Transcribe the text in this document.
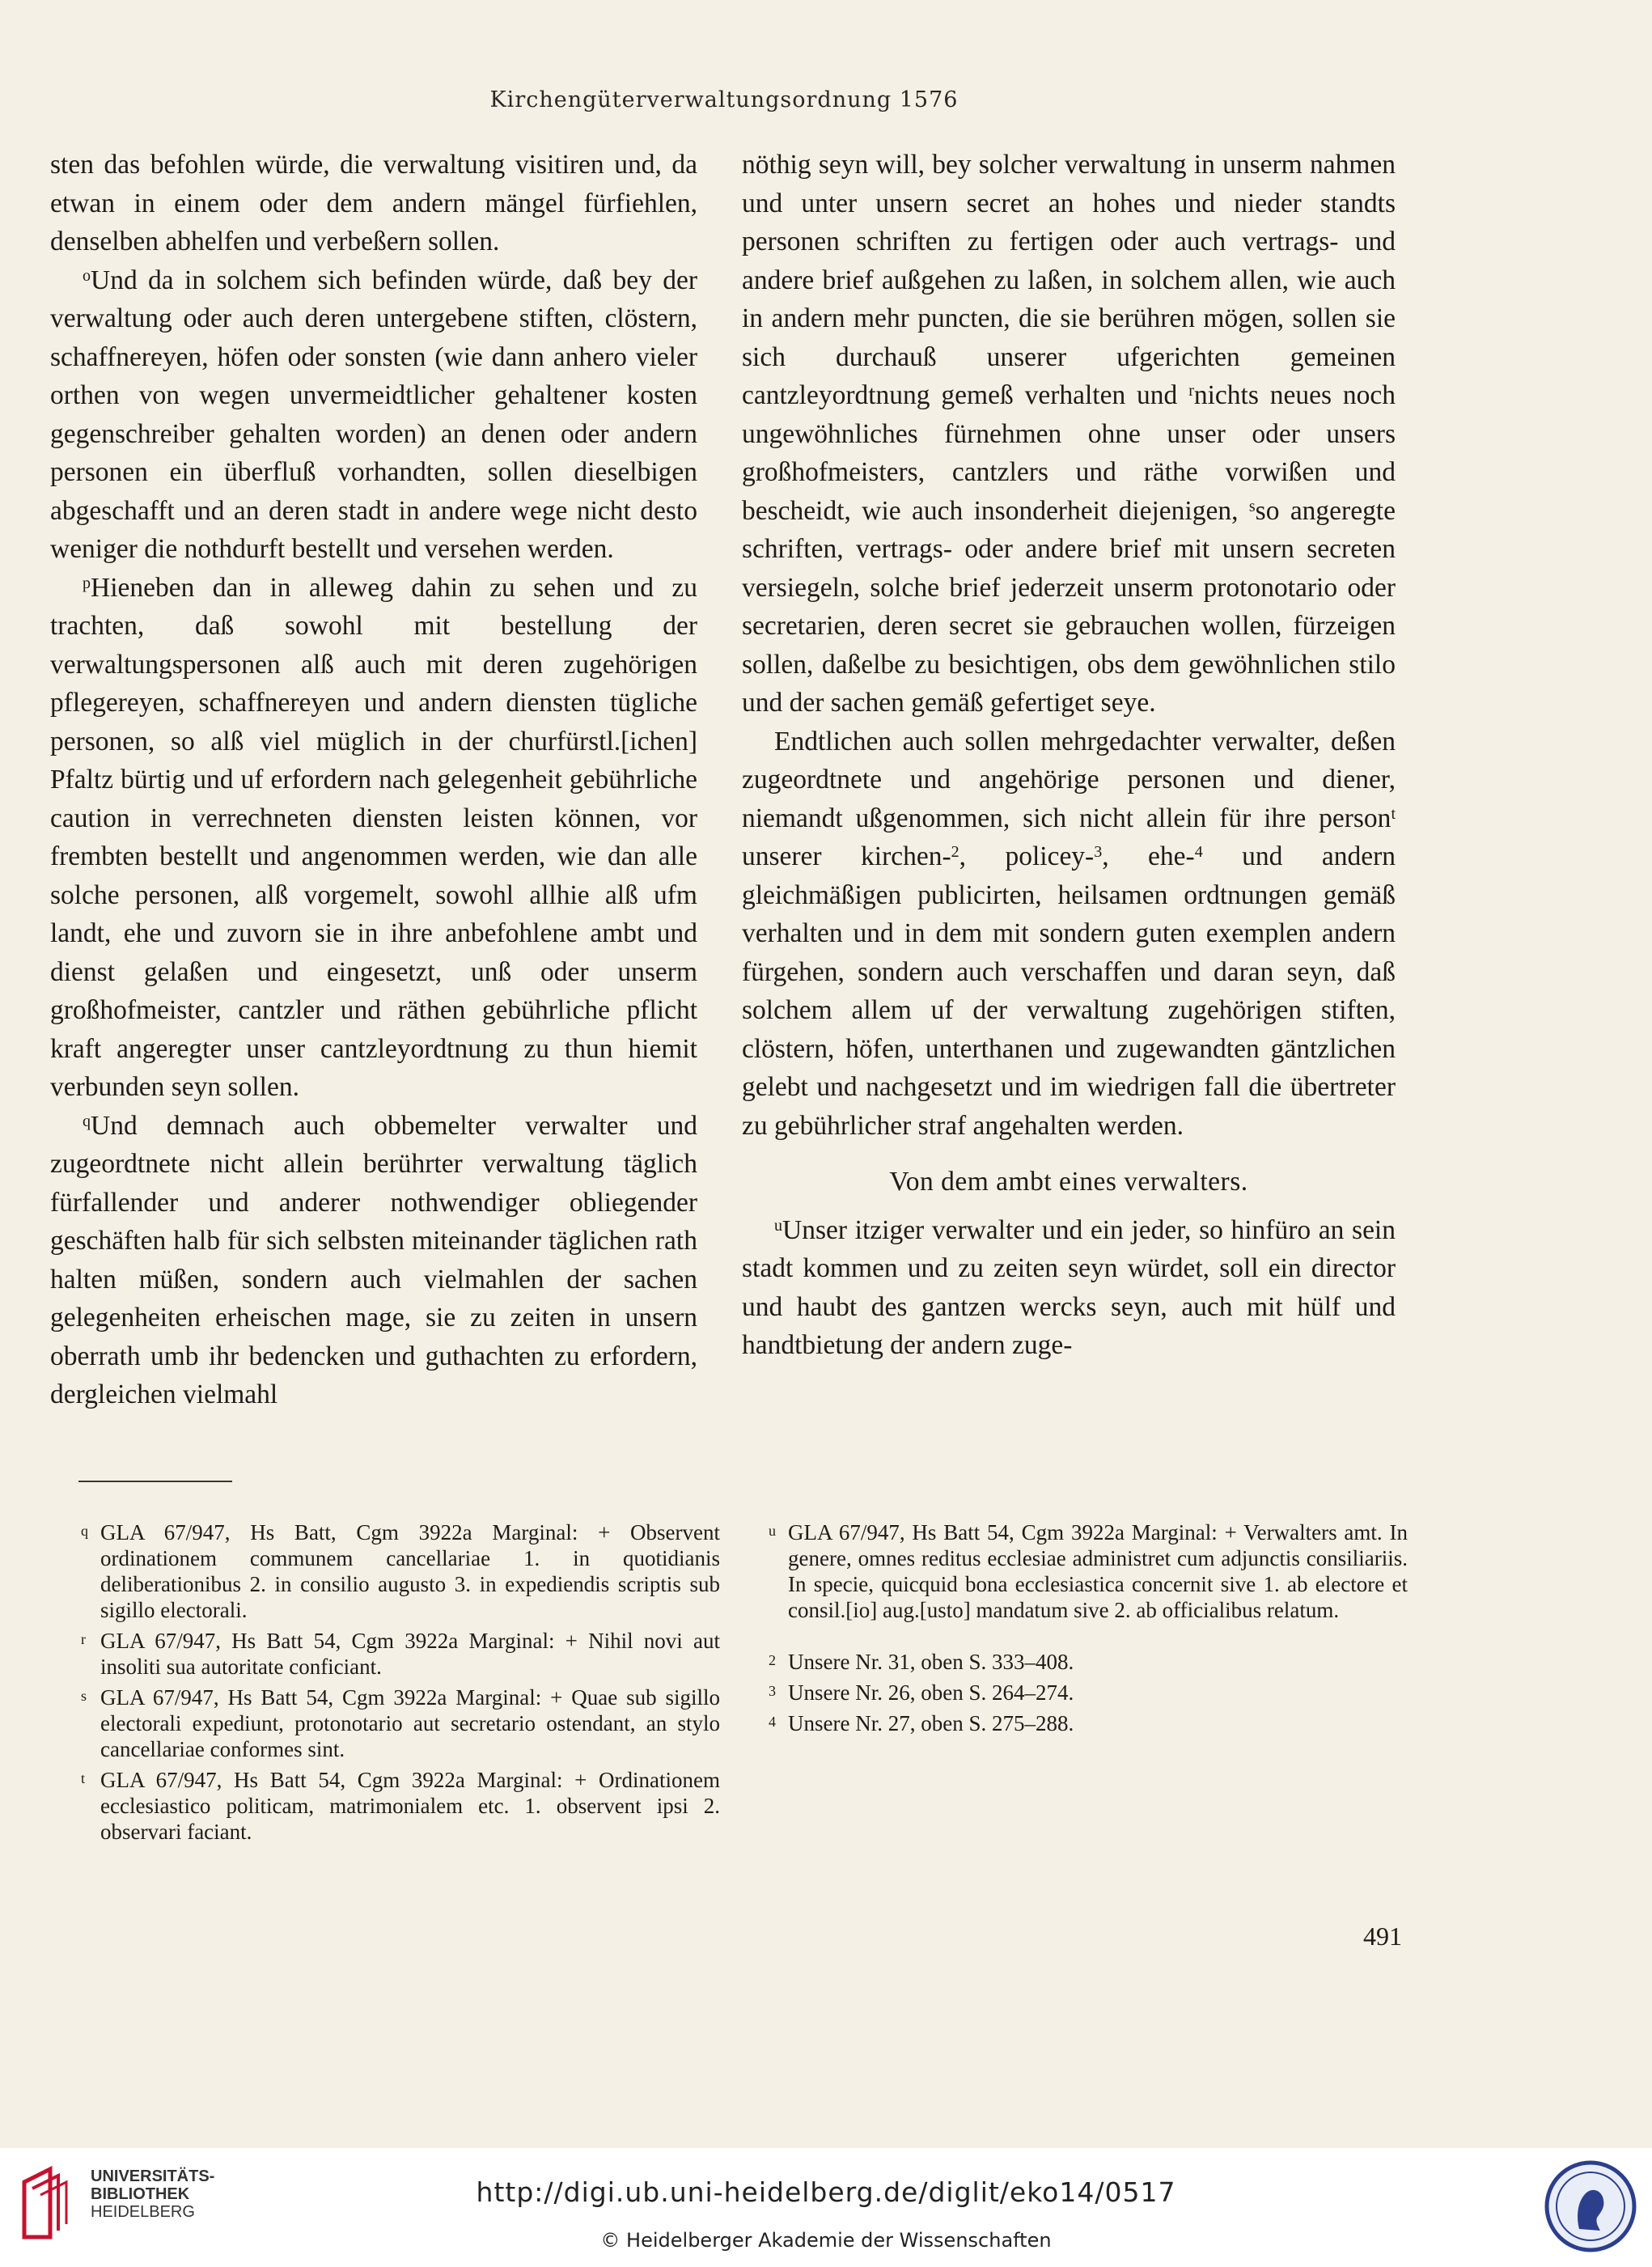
Kirchengüterverwaltungsordnung 1576

sten das befohlen würde, die verwaltung visitiren und, da etwan in einem oder dem andern mängel fürfiehlen, denselben abhelfen und verbeßern sollen.

$^o$Und da in solchem sich befinden würde, daß bey der verwaltung oder auch deren untergebene stiften, clöstern, schaffnereyen, höfen oder sonsten (wie dann anhero vieler orthen von wegen unvermeidtlicher gehaltener kosten gegenschreiber gehalten worden) an denen oder andern personen ein überfluß vorhandten, sollen dieselbigen abgeschafft und an deren stadt in andere wege nicht desto weniger die nothdurft bestellt und versehen werden.

$^p$Hieneben dan in alleweg dahin zu sehen und zu trachten, daß sowohl mit bestellung der verwaltungspersonen alß auch mit deren zugehörigen pflegereyen, schaffnereyen und andern diensten tügliche personen, so alß viel müglich in der churfürstl.[ichen] Pfaltz bürtig und uf erfordern nach gelegenheit gebührliche caution in verrechneten diensten leisten können, vor frembten bestellt und angenommen werden, wie dan alle solche personen, alß vorgemelt, sowohl allhie alß ufm landt, ehe und zuvorn sie in ihre anbefohlene ambt und dienst gelaßen und eingesetzt, unß oder unserm großhofmeister, cantzler und räthen gebührliche pflicht kraft angeregter unser cantzleyordtnung zu thun hiemit verbunden seyn sollen.

$^q$Und demnach auch obbemelter verwalter und zugeordtnete nicht allein berührter verwaltung täglich fürfallender und anderer nothwendiger obliegender geschäften halb für sich selbsten miteinander täglichen rath halten müßen, sondern auch vielmahlen der sachen gelegenheiten erheischen mage, sie zu zeiten in unsern oberrath umb ihr bedencken und guthachten zu erfordern, dergleichen vielmahl

nöthig seyn will, bey solcher verwaltung in unserm nahmen und unter unsern secret an hohes und nieder standts personen schriften zu fertigen oder auch vertrags- und andere brief außgehen zu laßen, in solchem allen, wie auch in andern mehr puncten, die sie berühren mögen, sollen sie sich durchauß unserer ufgerichten gemeinen cantzleyordtnung gemeß verhalten und $^r$nichts neues noch ungewöhnliches fürnehmen ohne unser oder unsers großhofmeisters, cantzlers und räthe vorwißen und bescheidt, wie auch insonderheit diejenigen, $^s$so angeregte schriften, vertrags- oder andere brief mit unsern secreten versiegeln, solche brief jederzeit unserm protonotario oder secretarien, deren secret sie gebrauchen wollen, fürzeigen sollen, daßelbe zu besichtigen, obs dem gewöhnlichen stilo und der sachen gemäß gefertiget seye.

Endtlichen auch sollen mehrgedachter verwalter, deßen zugeordtnete und angehörige personen und diener, niemandt ußgenommen, sich nicht allein für ihre person$^t$ unserer kirchen-$^2$, policey-$^3$, ehe-$^4$ und andern gleichmäßigen publicirten, heilsamen ordtnungen gemäß verhalten und in dem mit sondern guten exemplen andern fürgehen, sondern auch verschaffen und daran seyn, daß solchem allem uf der verwaltung zugehörigen stiften, clöstern, höfen, unterthanen und zugewandten gäntzlichen gelebt und nachgesetzt und im wiedrigen fall die übertreter zu gebührlicher straf angehalten werden.

Von dem ambt eines verwalters.

$^u$Unser itziger verwalter und ein jeder, so hinfüro an sein stadt kommen und zu zeiten seyn würdet, soll ein director und haubt des gantzen wercks seyn, auch mit hülf und handtbietung der andern zuge-

q GLA 67/947, Hs Batt, Cgm 3922a Marginal: + Observent ordinationem communem cancellariae 1. in quotidianis deliberationibus 2. in consilio augusto 3. in expediendis scriptis sub sigillo electorali.
r GLA 67/947, Hs Batt 54, Cgm 3922a Marginal: + Nihil novi aut insoliti sua autoritate conficiant.
s GLA 67/947, Hs Batt 54, Cgm 3922a Marginal: + Quae sub sigillo electorali expediunt, protonotario aut secretario ostendant, an stylo cancellariae conformes sint.
t GLA 67/947, Hs Batt 54, Cgm 3922a Marginal: + Ordinationem ecclesiastico politicam, matrimonialem etc. 1. observent ipsi 2. observari faciant.
u GLA 67/947, Hs Batt 54, Cgm 3922a Marginal: + Verwalters amt. In genere, omnes reditus ecclesiae administret cum adjunctis consiliariis. In specie, quicquid bona ecclesiastica concernit sive 1. ab electore et consil.[io] aug.[usto] mandatum sive 2. ab officialibus relatum.
2 Unsere Nr. 31, oben S. 333–408.
3 Unsere Nr. 26, oben S. 264–274.
4 Unsere Nr. 27, oben S. 275–288.
491
UNIVERSITÄTS-
BIBLIOTHEK
HEIDELBERG
http://digi.ub.uni-heidelberg.de/diglit/eko14/0517
© Heidelberger Akademie der Wissenschaften
